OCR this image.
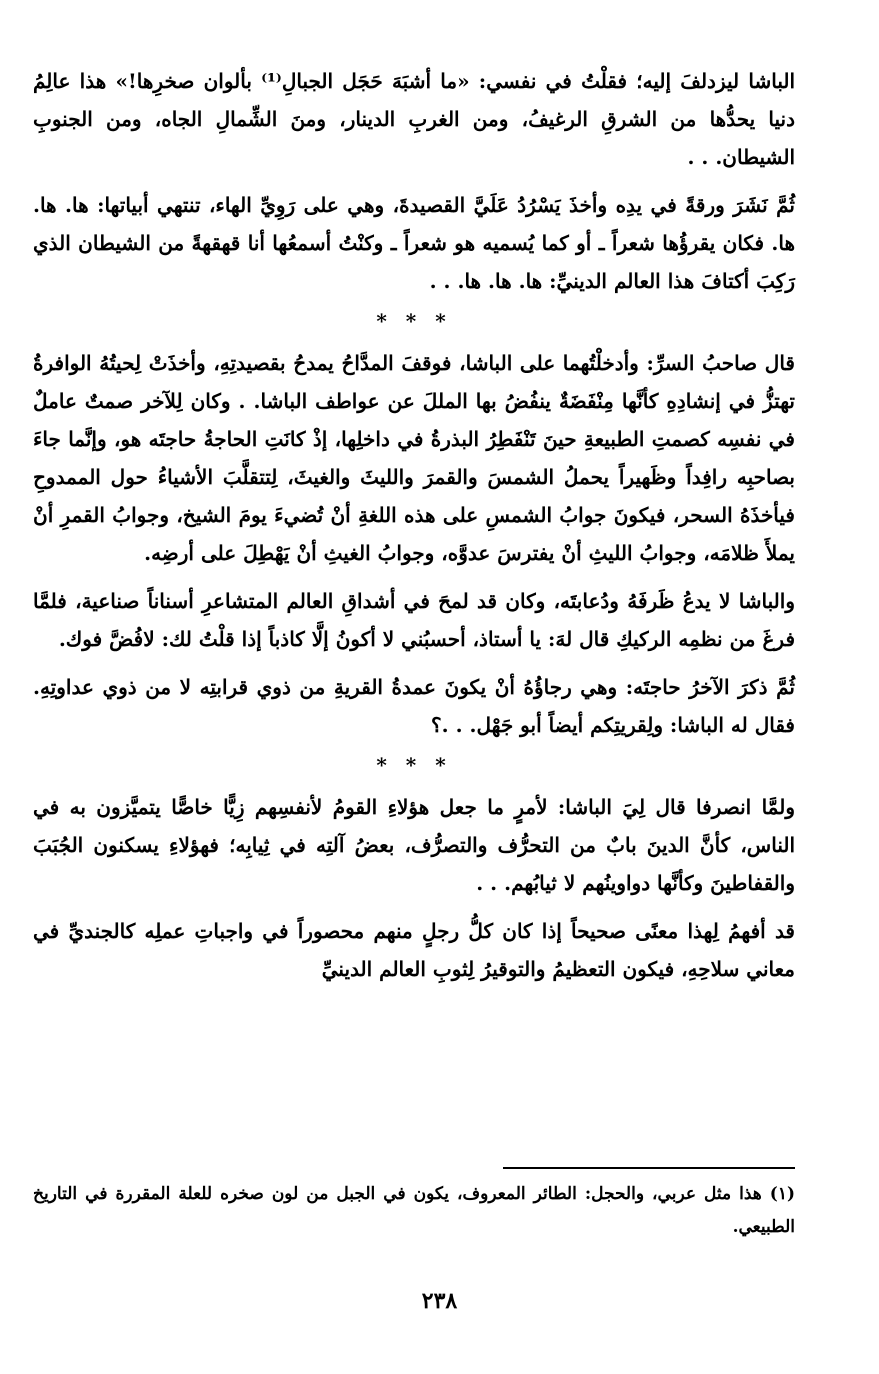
الباشا ليزدلفَ إليه؛ فقلْتُ في نفسي: «ما أشبَهَ حَجَل الجبالِ⁽¹⁾ بألوان صخرِها!» هذا عالِمُ دنيا يحدُّها من الشرقِ الرغيفُ، ومن الغربِ الدينار، ومنَ الشِّمالِ الجاه، ومن الجنوبِ الشيطان. . .

ثُمَّ نَشَرَ ورقةً في يدِه وأخذَ يَسْرُدُ عَلَيَّ القصيدةَ، وهي على رَوِيِّ الهاء، تنتهي أبياتها: ها. ها. ها. فكان يقرؤُها شعراً ـ أو كما يُسميه هو شعراً ـ وكنْتُ أسمعُها أنا قهقهةً من الشيطان الذي رَكِبَ أكتافَ هذا العالم الدينيِّ: ها. ها. ها. . .

* * *

قال صاحبُ السرِّ: وأدخلْتُهما على الباشا، فوقفَ المدَّاحُ يمدحُ بقصيدتِهِ، وأخذَتْ لِحيتُهُ الوافرةُ تهتزُّ في إنشادِهِ كأنَّها مِنْفَضَةٌ ينفُضُ بها المللَ عن عواطف الباشا. . وكان لِلآخر صمتٌ عاملٌ في نفسِه كصمتِ الطبيعةِ حينَ تَنْفَطِرُ البذرةُ في داخلِها، إذْ كانَتِ الحاجةُ حاجتَه هو، وإنَّما جاءَ بصاحبِه رافِداً وظَهيراً يحملُ الشمسَ والقمرَ والليثَ والغيثَ، لِتتقلَّبَ الأشياءُ حول الممدوحِ فيأخذَهُ السحر، فيكونَ جوابُ الشمسِ على هذه اللغةِ أنْ تُضيءَ يومَ الشيخ، وجوابُ القمرِ أنْ يملأَ ظلامَه، وجوابُ الليثِ أنْ يفترسَ عدوَّه، وجوابُ الغيثِ أنْ يَهْطِلَ على أرضِه.

والباشا لا يدعُ ظَرفَهُ ودُعابتَه، وكان قد لمحَ في أشداقِ العالم المتشاعرِ أسناناً صناعية، فلمَّا فرغَ من نظمِه الركيكِ قال لهَ: يا أستاذ، أحسبُني لا أكونُ إلَّا كاذباً إذا قلْتُ لك: لافُضَّ فوك.

ثُمَّ ذكرَ الآخرُ حاجتَه: وهي رجاؤُهُ أنْ يكونَ عمدةُ القريةِ من ذوي قرابتِه لا من ذوي عداوتِهِ. فقال له الباشا: ولِقريتِكم أيضاً أبو جَهْل. . .؟

* * *

ولمَّا انصرفا قال لِيَ الباشا: لأمرٍ ما جعل هؤلاءِ القومُ لأنفسِهم زِيًّا خاصًّا يتميَّزون به في الناس، كأنَّ الدينَ بابٌ من التحرُّف والتصرُّف، بعضُ آلتِه في ثِيابِه؛ فهؤلاءِ يسكنون الجُبَبَ والقفاطينَ وكأنَّها دواوينُهم لا ثيابُهم. . .

قد أفهمُ لِهذا معنًى صحيحاً إذا كان كلُّ رجلٍ منهم محصوراً في واجباتِ عملِه كالجنديِّ في معاني سلاحِهِ، فيكون التعظيمُ والتوقيرُ لِثوبِ العالم الدينيِّ

(١) هذا مثل عربي، والحجل: الطائر المعروف، يكون في الجبل من لون صخره للعلة المقررة في التاريخ الطبيعي.

٢٣٨
